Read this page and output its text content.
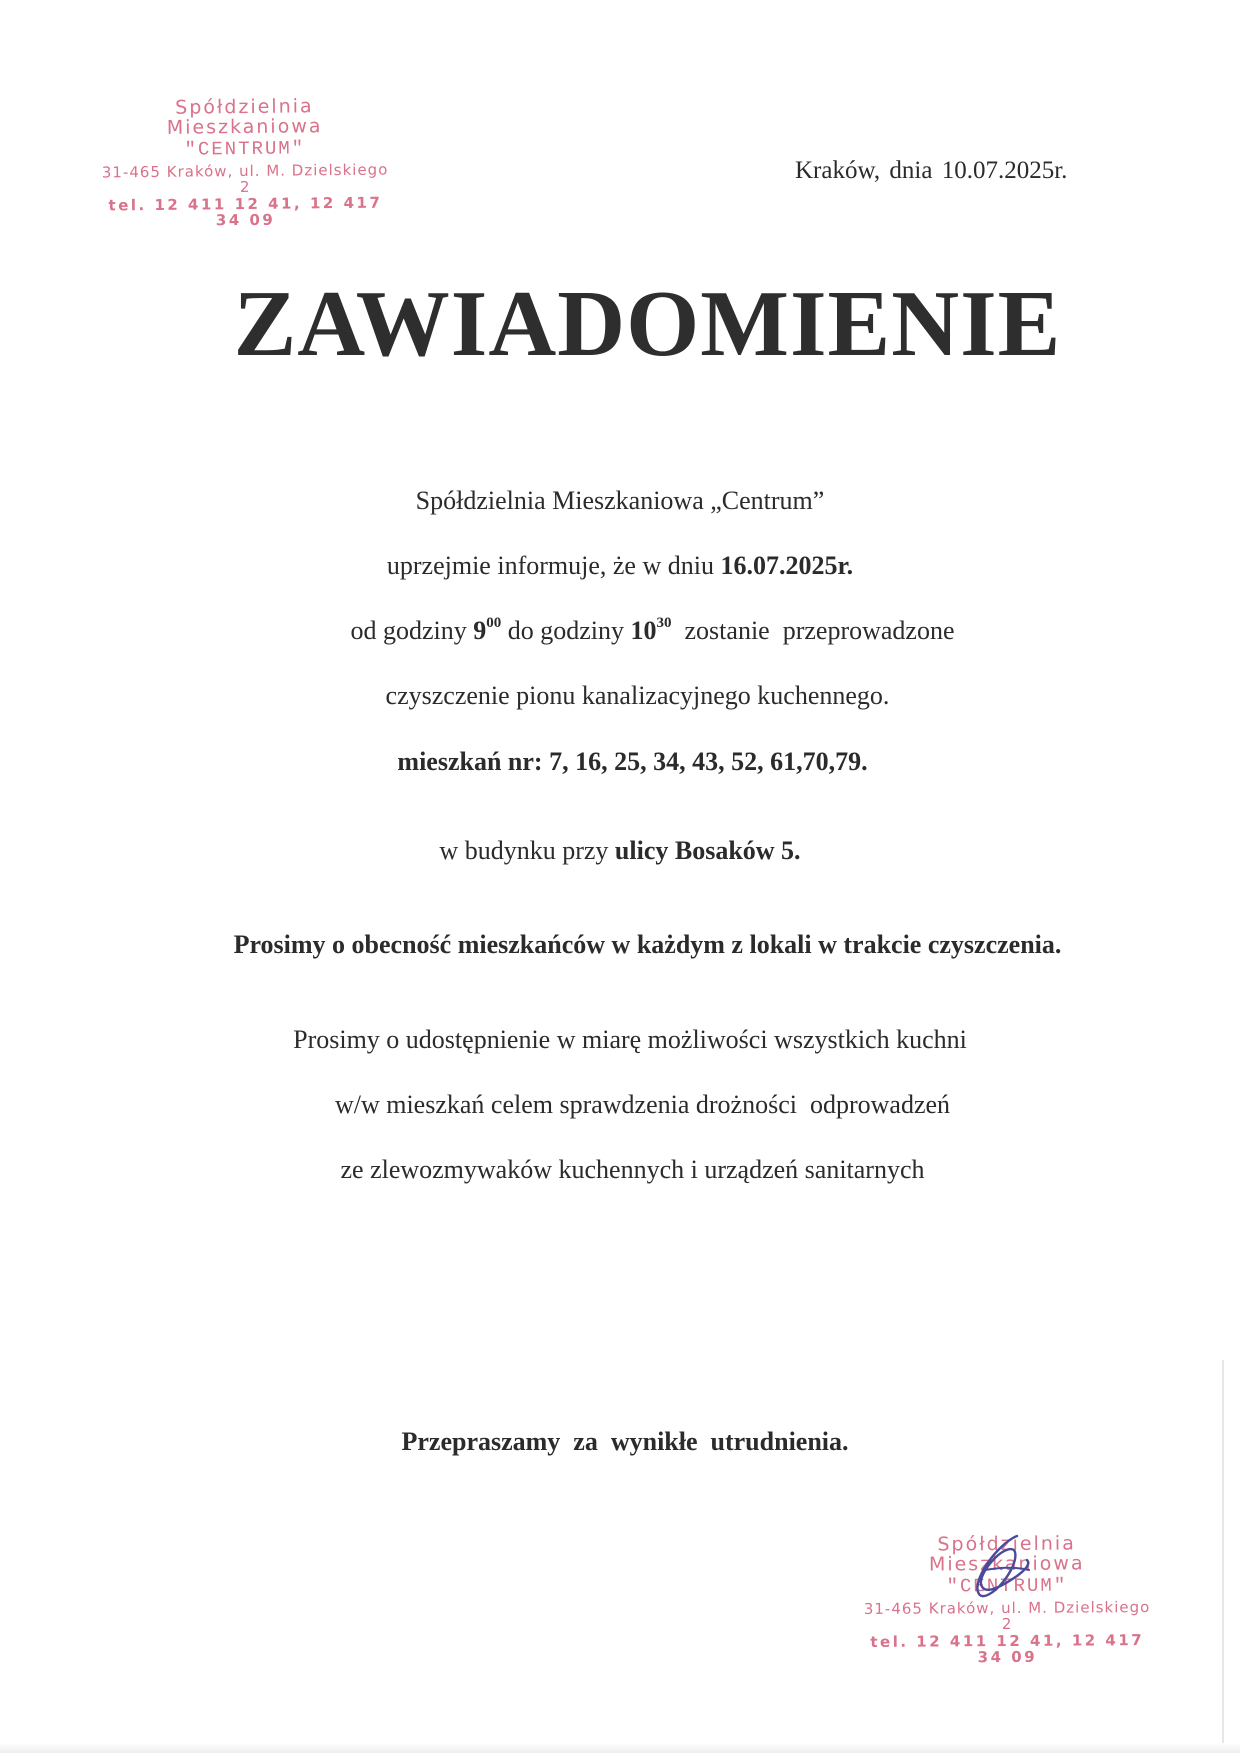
Spółdzielnia Mieszkaniowa
"CENTRUM"
31-465 Kraków, ul. M. Dzielskiego 2
tel. 12 411 12 41, 12 417 34 09
Kraków, dnia 10.07.2025r.
ZAWIADOMIENIE
Spółdzielnia Mieszkaniowa „Centrum”
uprzejmie informuje, że w dniu 16.07.2025r.
od godziny $9^{00}$ do godziny $10^{30}$  zostanie  przeprowadzone
czyszczenie pionu kanalizacyjnego kuchennego.
mieszkań nr: 7, 16, 25, 34, 43, 52, 61,70,79.
w budynku przy ulicy Bosaków 5.
Prosimy o obecność mieszkańców w każdym z lokali w trakcie czyszczenia.
Prosimy o udostępnienie w miarę możliwości wszystkich kuchni
w/w mieszkań celem sprawdzenia drożności  odprowadzeń
ze zlewozmywaków kuchennych i urządzeń sanitarnych
Przepraszamy  za  wynikłe  utrudnienia.
Spółdzielnia Mieszkaniowa
"CENTRUM"
31-465 Kraków, ul. M. Dzielskiego 2
tel. 12 411 12 41, 12 417 34 09
